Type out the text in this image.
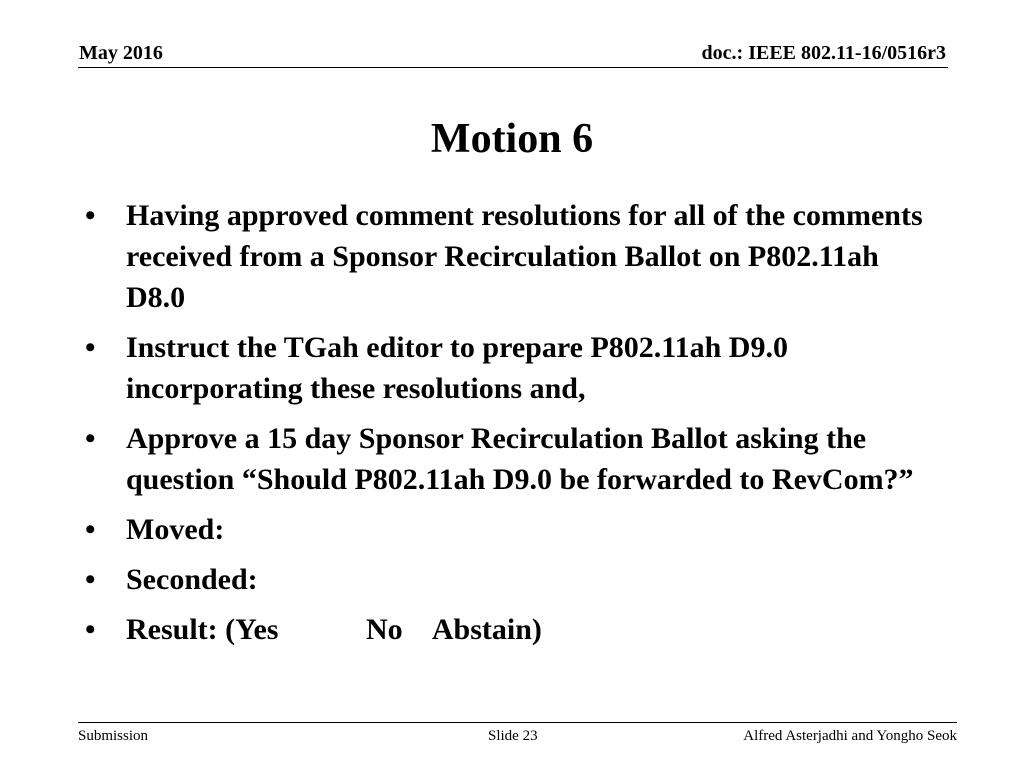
May 2016	doc.: IEEE 802.11-16/0516r3
Motion 6
• Having approved comment resolutions for all of the comments received from a Sponsor Recirculation Ballot on P802.11ah D8.0
• Instruct the TGah editor to prepare P802.11ah D9.0 incorporating these resolutions and,
• Approve a 15 day Sponsor Recirculation Ballot asking the question “Should P802.11ah D9.0 be forwarded to RevCom?”
• Moved:
• Seconded:
• Result: (Yes		No	Abstain)
Submission	Slide 23	Alfred Asterjadhi and Yongho Seok
